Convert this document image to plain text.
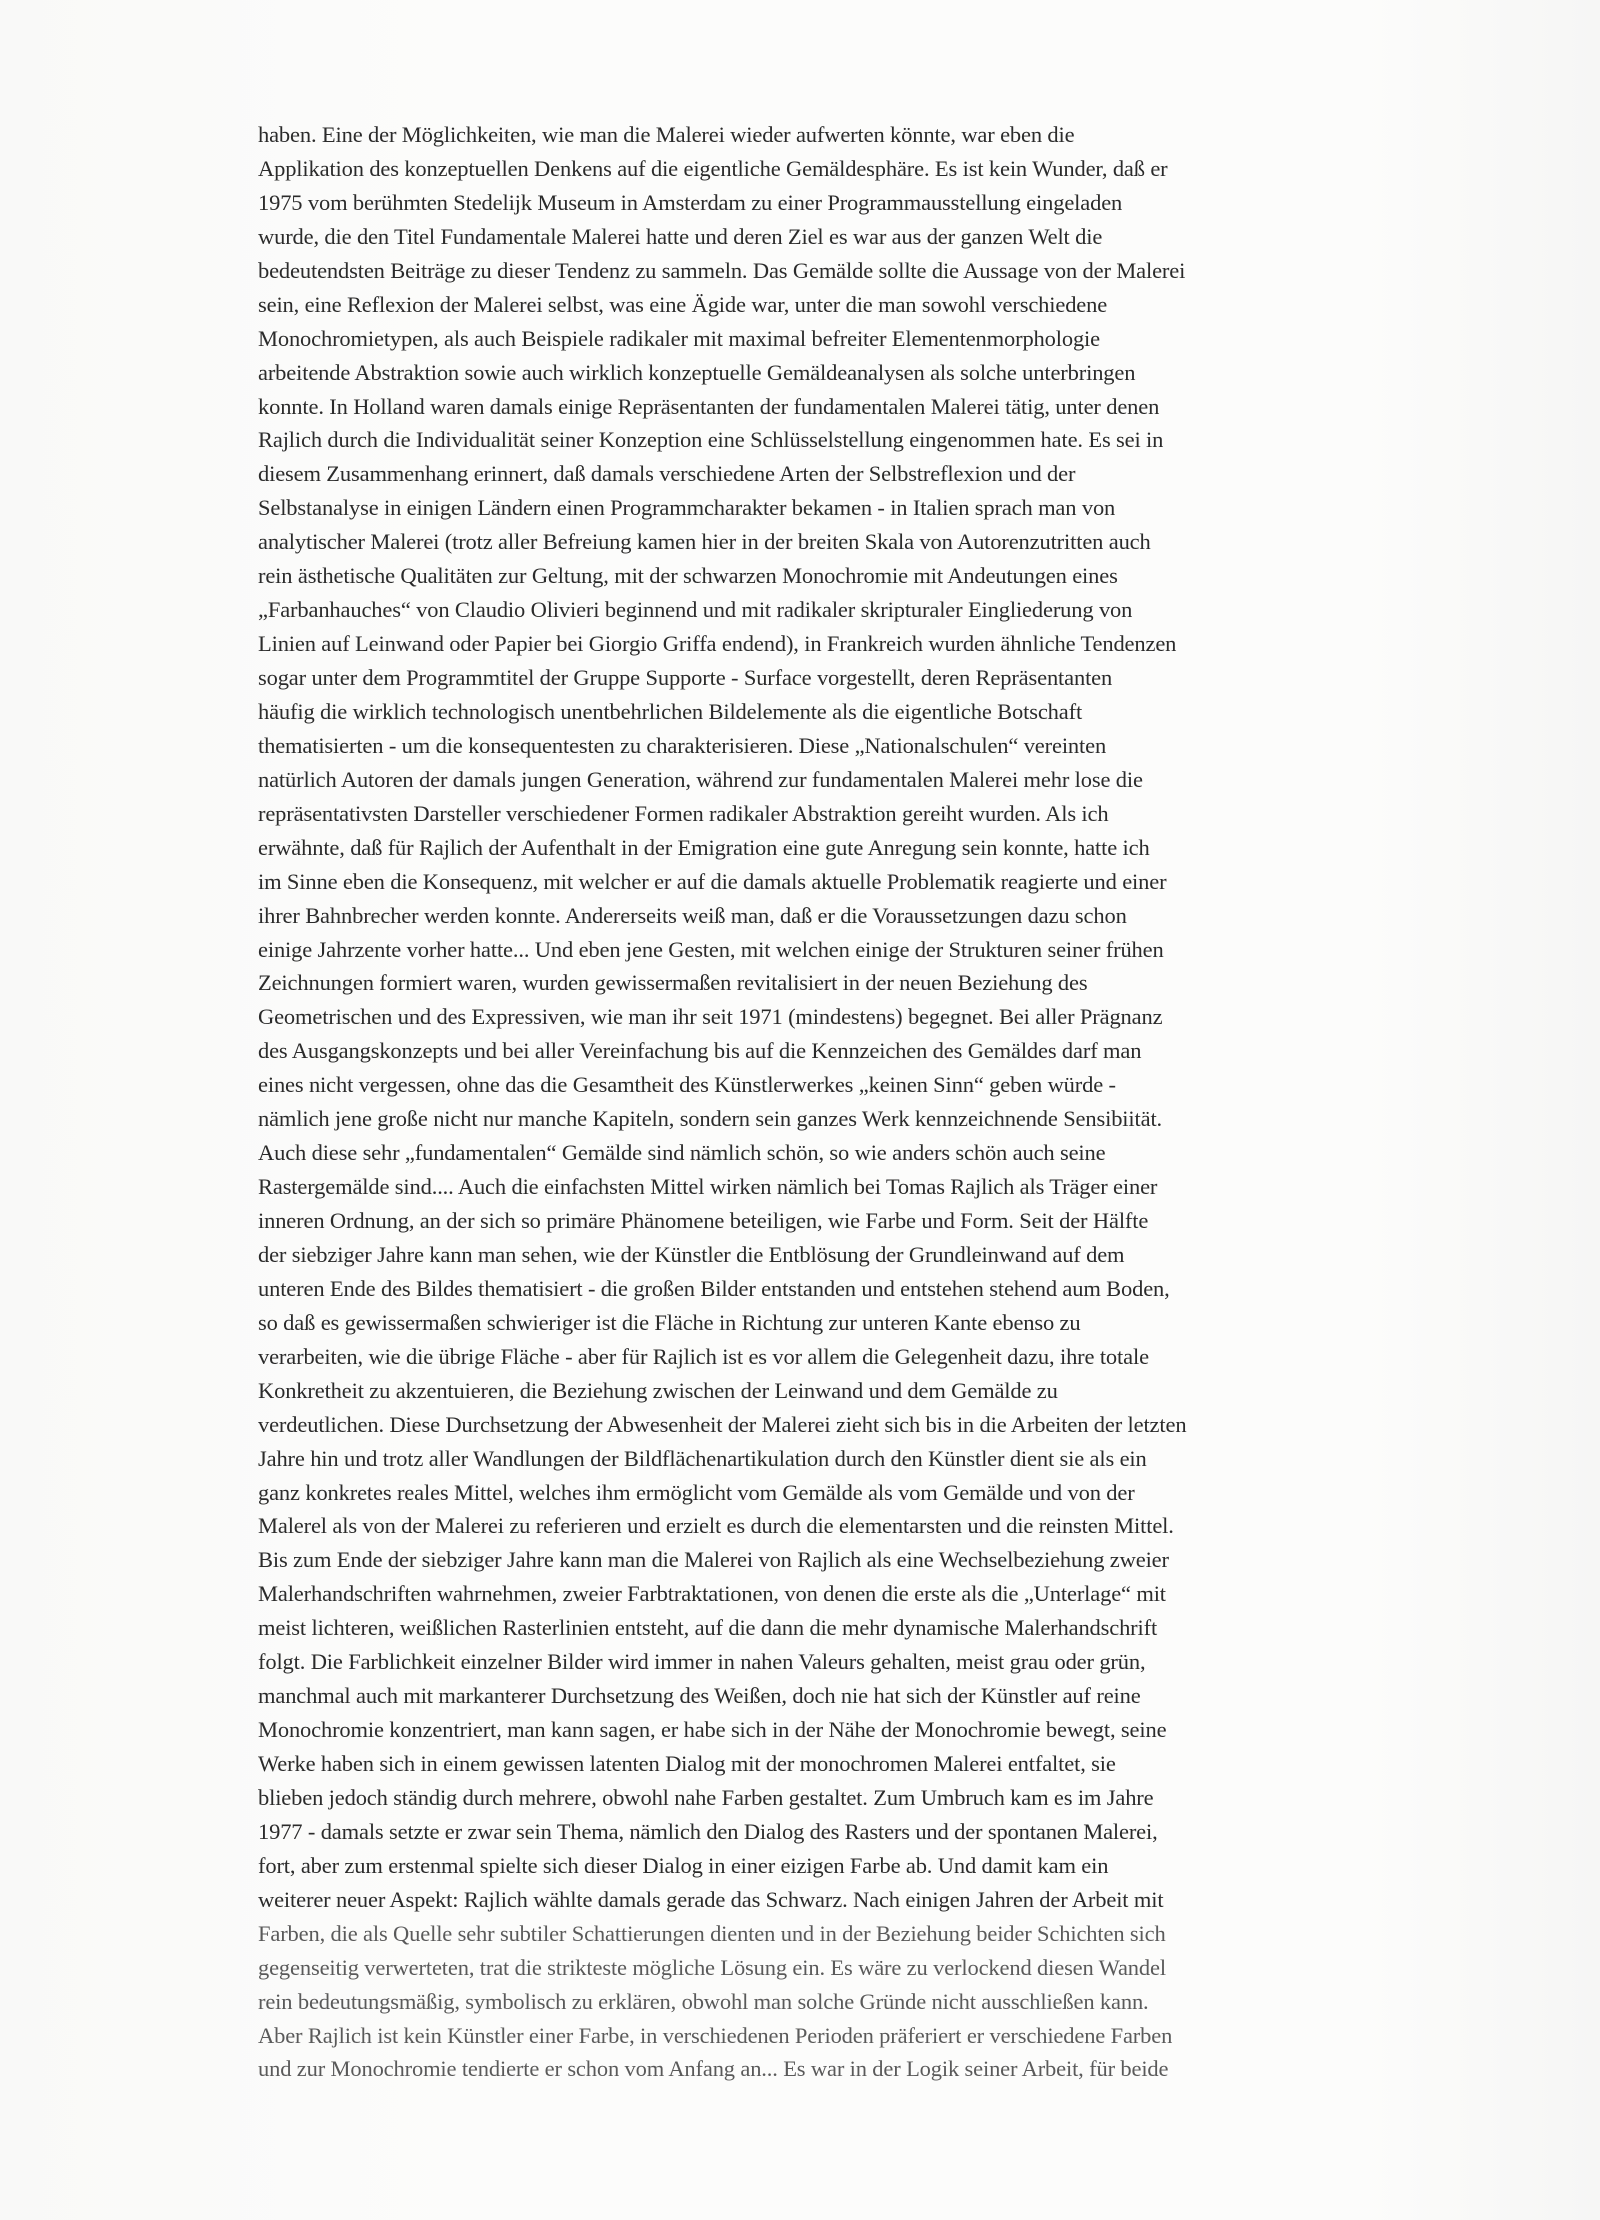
haben. Eine der Möglichkeiten, wie man die Malerei wieder aufwerten könnte, war eben die
Applikation des konzeptuellen Denkens auf die eigentliche Gemäldesphäre. Es ist kein Wunder, daß er
1975 vom berühmten Stedelijk Museum in Amsterdam zu einer Programmausstellung eingeladen
wurde, die den Titel Fundamentale Malerei hatte und deren Ziel es war aus der ganzen Welt die
bedeutendsten Beiträge zu dieser Tendenz zu sammeln. Das Gemälde sollte die Aussage von der Malerei
sein, eine Reflexion der Malerei selbst, was eine Ägide war, unter die man sowohl verschiedene
Monochromietypen, als auch Beispiele radikaler mit maximal befreiter Elementenmorphologie
arbeitende Abstraktion sowie auch wirklich konzeptuelle Gemäldeanalysen als solche unterbringen
konnte. In Holland waren damals einige Repräsentanten der fundamentalen Malerei tätig, unter denen
Rajlich durch die Individualität seiner Konzeption eine Schlüsselstellung eingenommen hate. Es sei in
diesem Zusammenhang erinnert, daß damals verschiedene Arten der Selbstreflexion und der
Selbstanalyse in einigen Ländern einen Programmcharakter bekamen - in Italien sprach man von
analytischer Malerei (trotz aller Befreiung kamen hier in der breiten Skala von Autorenzutritten auch
rein ästhetische Qualitäten zur Geltung, mit der schwarzen Monochromie mit Andeutungen eines
„Farbanhauches“ von Claudio Olivieri beginnend und mit radikaler skripturaler Eingliederung von
Linien auf Leinwand oder Papier bei Giorgio Griffa endend), in Frankreich wurden ähnliche Tendenzen
sogar unter dem Programmtitel der Gruppe Supporte - Surface vorgestellt, deren Repräsentanten
häufig die wirklich technologisch unentbehrlichen Bildelemente als die eigentliche Botschaft
thematisierten - um die konsequentesten zu charakterisieren. Diese „Nationalschulen“ vereinten
natürlich Autoren der damals jungen Generation, während zur fundamentalen Malerei mehr lose die
repräsentativsten Darsteller verschiedener Formen radikaler Abstraktion gereiht wurden. Als ich
erwähnte, daß für Rajlich der Aufenthalt in der Emigration eine gute Anregung sein konnte, hatte ich
im Sinne eben die Konsequenz, mit welcher er auf die damals aktuelle Problematik reagierte und einer
ihrer Bahnbrecher werden konnte. Andererseits weiß man, daß er die Voraussetzungen dazu schon
einige Jahrzente vorher hatte... Und eben jene Gesten, mit welchen einige der Strukturen seiner frühen
Zeichnungen formiert waren, wurden gewissermaßen revitalisiert in der neuen Beziehung des
Geometrischen und des Expressiven, wie man ihr seit 1971 (mindestens) begegnet. Bei aller Prägnanz
des Ausgangskonzepts und bei aller Vereinfachung bis auf die Kennzeichen des Gemäldes darf man
eines nicht vergessen, ohne das die Gesamtheit des Künstlerwerkes „keinen Sinn“ geben würde -
nämlich jene große nicht nur manche Kapiteln, sondern sein ganzes Werk kennzeichnende Sensibiität.
Auch diese sehr „fundamentalen“ Gemälde sind nämlich schön, so wie anders schön auch seine
Rastergemälde sind.... Auch die einfachsten Mittel wirken nämlich bei Tomas Rajlich als Träger einer
inneren Ordnung, an der sich so primäre Phänomene beteiligen, wie Farbe und Form. Seit der Hälfte
der siebziger Jahre kann man sehen, wie der Künstler die Entblösung der Grundleinwand auf dem
unteren Ende des Bildes thematisiert - die großen Bilder entstanden und entstehen stehend aum Boden,
so daß es gewissermaßen schwieriger ist die Fläche in Richtung zur unteren Kante ebenso zu
verarbeiten, wie die übrige Fläche - aber für Rajlich ist es vor allem die Gelegenheit dazu, ihre totale
Konkretheit zu akzentuieren, die Beziehung zwischen der Leinwand und dem Gemälde zu
verdeutlichen. Diese Durchsetzung der Abwesenheit der Malerei zieht sich bis in die Arbeiten der letzten
Jahre hin und trotz aller Wandlungen der Bildflächenartikulation durch den Künstler dient sie als ein
ganz konkretes reales Mittel, welches ihm ermöglicht vom Gemälde als vom Gemälde und von der
Malerel als von der Malerei zu referieren und erzielt es durch die elementarsten und die reinsten Mittel.
Bis zum Ende der siebziger Jahre kann man die Malerei von Rajlich als eine Wechselbeziehung zweier
Malerhandschriften wahrnehmen, zweier Farbtraktationen, von denen die erste als die „Unterlage“ mit
meist lichteren, weißlichen Rasterlinien entsteht, auf die dann die mehr dynamische Malerhandschrift
folgt. Die Farblichkeit einzelner Bilder wird immer in nahen Valeurs gehalten, meist grau oder grün,
manchmal auch mit markanterer Durchsetzung des Weißen, doch nie hat sich der Künstler auf reine
Monochromie konzentriert, man kann sagen, er habe sich in der Nähe der Monochromie bewegt, seine
Werke haben sich in einem gewissen latenten Dialog mit der monochromen Malerei entfaltet, sie
blieben jedoch ständig durch mehrere, obwohl nahe Farben gestaltet. Zum Umbruch kam es im Jahre
1977 - damals setzte er zwar sein Thema, nämlich den Dialog des Rasters und der spontanen Malerei,
fort, aber zum erstenmal spielte sich dieser Dialog in einer eizigen Farbe ab. Und damit kam ein
weiterer neuer Aspekt: Rajlich wählte damals gerade das Schwarz. Nach einigen Jahren der Arbeit mit
Farben, die als Quelle sehr subtiler Schattierungen dienten und in der Beziehung beider Schichten sich
gegenseitig verwerteten, trat die strikteste mögliche Lösung ein. Es wäre zu verlockend diesen Wandel
rein bedeutungsmäßig, symbolisch zu erklären, obwohl man solche Gründe nicht ausschließen kann.
Aber Rajlich ist kein Künstler einer Farbe, in verschiedenen Perioden präferiert er verschiedene Farben
und zur Monochromie tendierte er schon vom Anfang an... Es war in der Logik seiner Arbeit, für beide
